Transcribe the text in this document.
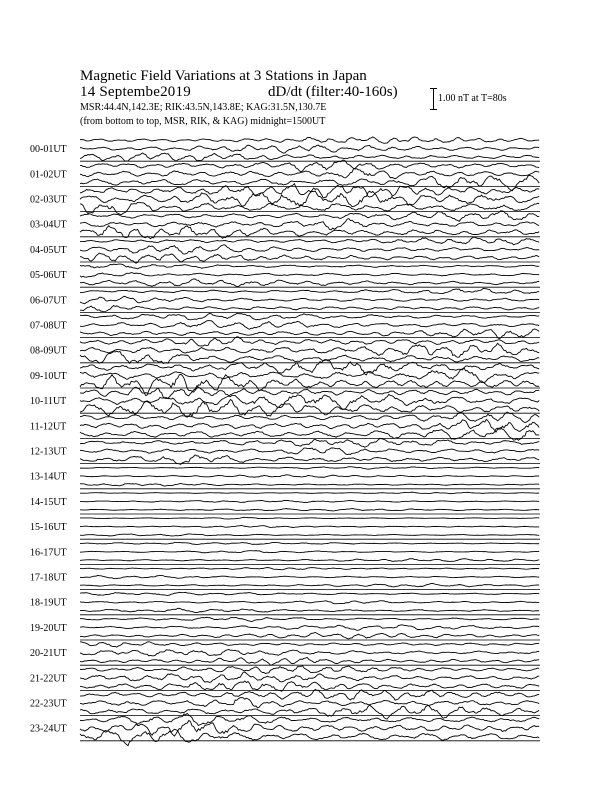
Magnetic Field Variations at 3 Stations in Japan
14 Septembe2019	dD/dt (filter:40-160s)
MSR:44.4N,142.3E; RIK:43.5N,143.8E; KAG:31.5N,130.7E
(from bottom to top, MSR, RIK, & KAG) midnight=1500UT
1.00 nT at T=80s
00-01UT
01-02UT
02-03UT
03-04UT
04-05UT
05-06UT
06-07UT
07-08UT
08-09UT
09-10UT
10-11UT
11-12UT
12-13UT
13-14UT
14-15UT
15-16UT
16-17UT
17-18UT
18-19UT
19-20UT
20-21UT
21-22UT
22-23UT
23-24UT
